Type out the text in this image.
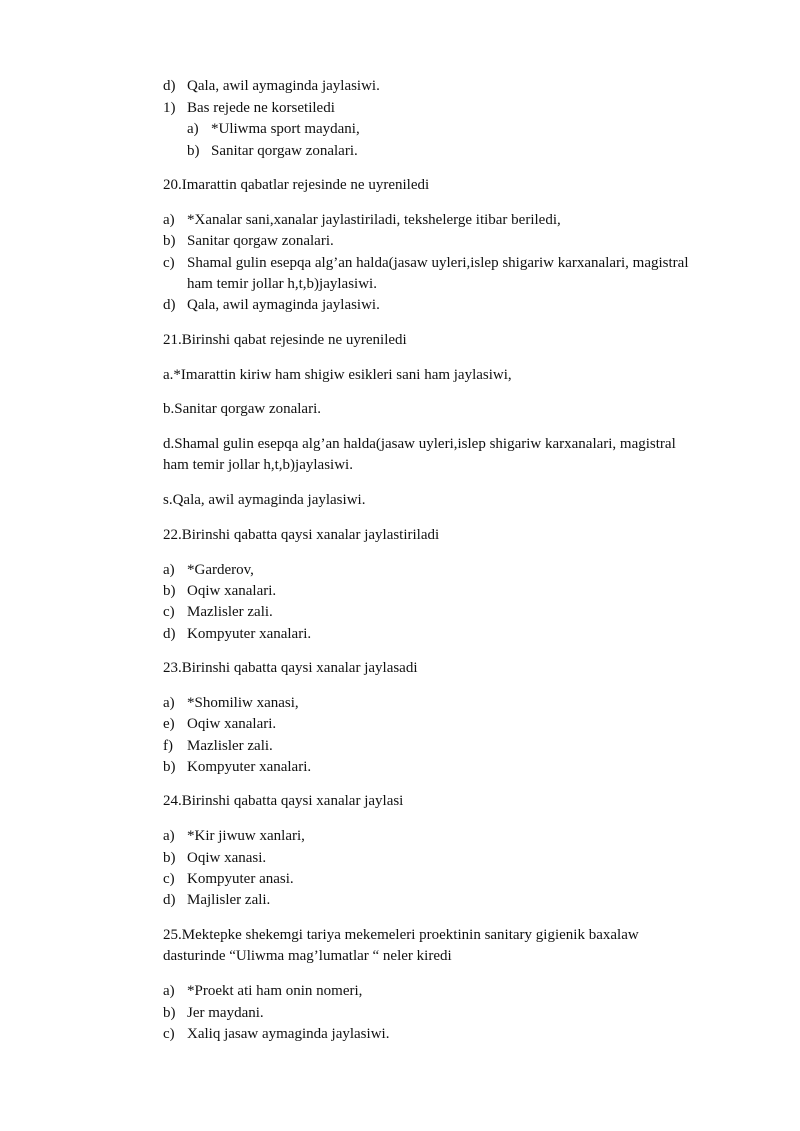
d) Qala, awil aymaginda jaylasiwi.
1) Bas rejede ne korsetiledi
a) *Uliwma sport maydani,
b) Sanitar qorgaw zonalari.
20.Imarattin qabatlar rejesinde ne uyreniledi
a) *Xanalar sani,xanalar jaylastiriladi, tekshelerge itibar beriledi,
b) Sanitar qorgaw zonalari.
c) Shamal gulin esepqa alg’an halda(jasaw uyleri,islep shigariw karxanalari, magistral
ham temir jollar h,t,b)jaylasiwi.
d) Qala, awil aymaginda jaylasiwi.
21.Birinshi qabat rejesinde ne uyreniledi
a.*Imarattin kiriw ham shigiw esikleri sani ham jaylasiwi,
b.Sanitar qorgaw zonalari.
d.Shamal gulin esepqa alg’an halda(jasaw uyleri,islep shigariw karxanalari, magistral
ham temir jollar h,t,b)jaylasiwi.
s.Qala, awil aymaginda jaylasiwi.
22.Birinshi qabatta qaysi xanalar jaylastiriladi
a) *Garderov,
b) Oqiw xanalari.
c) Mazlisler zali.
d) Kompyuter xanalari.
23.Birinshi qabatta qaysi xanalar jaylasadi
a) *Shomiliw xanasi,
e) Oqiw xanalari.
f) Mazlisler zali.
b) Kompyuter xanalari.
24.Birinshi qabatta qaysi xanalar jaylasi
a) *Kir jiwuw xanlari,
b) Oqiw xanasi.
c) Kompyuter anasi.
d) Majlisler zali.
25.Mektepke shekemgi tariya mekemeleri proektinin sanitary gigienik baxalaw
dasturinde “Uliwma mag’lumatlar “ neler kiredi
a) *Proekt ati ham onin nomeri,
b) Jer maydani.
c) Xaliq jasaw aymaginda jaylasiwi.
